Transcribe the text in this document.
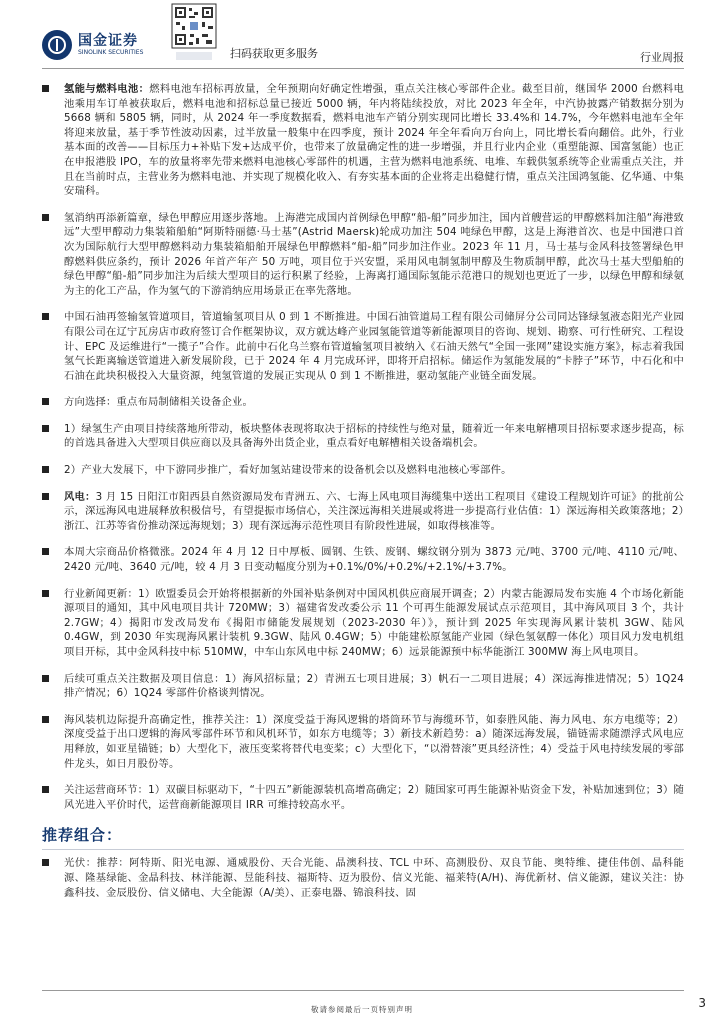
国金证券
SINOLINK SECURITIES	扫码获取更多服务	行业周报
氢能与燃料电池：燃料电池车招标再放量，全年预期向好确定性增强，重点关注核心零部件企业。截至目前，继国华 2000 台燃料电池乘用车订单被获取后，燃料电池和招标总量已接近 5000 辆，年内将陆续投放，对比 2023 年全年，中汽协披露产销数据分别为 5668 辆和 5805 辆，同时，从 2024 年一季度数据看，燃料电池车产销分别实现同比增长 33.4%和 14.7%，今年燃料电池车全年将迎来放量，基于季节性波动因素，过半放量一般集中在四季度，预计 2024 年全年看向万台向上，同比增长看向翻倍。此外，行业基本面的改善——目标压力+补贴下发+达成平价，也带来了放量确定性的进一步增强，并且行业内企业（重塑能源、国富氢能）也正在申报港股 IPO，车的放量将率先带来燃料电池核心零部件的机遇，主营为燃料电池系统、电堆、车载供氢系统等企业需重点关注，并且在当前时点，主营业务为燃料电池、并实现了规模化收入、有夯实基本面的企业将走出稳健行情，重点关注国鸿氢能、亿华通、中集安瑞科。
氢消纳再添新篇章，绿色甲醇应用逐步落地。上海港完成国内首例绿色甲醇“船-船”同步加注，国内首艘营运的甲醇燃料加注船“海港致远”大型甲醇动力集装箱船舶“阿斯特丽德·马士基”(Astrid Maersk)轮成功加注 504 吨绿色甲醇，这是上海港首次、也是中国港口首次为国际航行大型甲醇燃料动力集装箱船舶开展绿色甲醇燃料“船-船”同步加注作业。2023 年 11 月，马士基与金风科技签署绿色甲醇燃料供应条约，预计 2026 年首产年产 50 万吨，项目位于兴安盟，采用风电制氢制甲醇及生物质制甲醇，此次马士基大型船舶的绿色甲醇“船-船”同步加注为后续大型项目的运行积累了经验，上海离打通国际氢能示范港口的规划也更近了一步，以绿色甲醇和绿氨为主的化工产品，作为氢气的下游消纳应用场景正在率先落地。
中国石油再签输氢管道项目，管道输氢项目从 0 到 1 不断推进。中国石油管道局工程有限公司储屏分公司同达锋绿氢液态阳光产业园有限公司在辽宁瓦房店市政府签订合作框架协议，双方就达峰产业园氢能管道等新能源项目的咨询、规划、勘察、可行性研究、工程设计、EPC 及运维进行“一揽子”合作。此前中石化乌兰察布管道输氢项目被纳入《石油天然气“全国一张网”建设实施方案》，标志着我国氢气长距离输送管道进入新发展阶段，已于 2024 年 4 月完成环评，即将开启招标。储运作为氢能发展的“卡脖子”环节，中石化和中石油在此块积极投入大量资源，纯氢管道的发展正实现从 0 到 1 不断推进，驱动氢能产业链全面发展。
方向选择：重点布局制储相关设备企业。
1）绿氢生产由项目持续落地所带动，板块整体表现将取决于招标的持续性与绝对量，随着近一年来电解槽项目招标要求逐步提高，标的首选具备进入大型项目供应商以及具备海外出货企业，重点看好电解槽相关设备端机会。
2）产业大发展下，中下游同步推广，看好加氢站建设带来的设备机会以及燃料电池核心零部件。
风电：3 月 15 日阳江市阳西县自然资源局发布青洲五、六、七海上风电项目海缆集中送出工程项目《建设工程规划许可证》的批前公示，深远海风电进展释放积极信号，有望提振市场信心，关注深远海相关进展或将进一步提高行业估值：1）深远海相关政策落地；2）浙江、江苏等省份推动深远海规划；3）现有深远海示范性项目有阶段性进展，如取得核准等。
本周大宗商品价格微涨。2024 年 4 月 12 日中厚板、圆钢、生铁、废钢、螺纹钢分别为 3873 元/吨、3700 元/吨、4110 元/吨、2420 元/吨、3640 元/吨，较 4 月 3 日变动幅度分别为+0.1%/0%/+0.2%/+2.1%/+3.7%。
行业新闻更新：1）欧盟委员会开始将根据新的外国补贴条例对中国风机供应商展开调查；2）内蒙古能源局发布实施 4 个市场化新能源项目的通知，其中风电项目共计 720MW；3）福建省发改委公示 11 个可再生能源发展试点示范项目，其中海风项目 3 个，共计 2.7GW；4）揭阳市发改局发布《揭阳市储能发展规划（2023-2030 年）》，预计到 2025 年实现海风累计装机 3GW、陆风 0.4GW，到 2030 年实现海风累计装机 9.3GW、陆风 0.4GW；5）中能建松原氢能产业园（绿色氢氨醇一体化）项目风力发电机组项目开标，其中金风科技中标 510MW，中车山东风电中标 240MW；6）远景能源预中标华能浙江 300MW 海上风电项目。
后续可重点关注数据及项目信息：1）海风招标量；2）青洲五七项目进展；3）帆石一二项目进展；4）深远海推进情况；5）1Q24 排产情况；6）1Q24 零部件价格谈判情况。
海风装机边际提升高确定性，推荐关注：1）深度受益于海风逻辑的塔筒环节与海缆环节，如泰胜风能、海力风电、东方电缆等；2）深度受益于出口逻辑的海风零部件环节和风机环节，如东方电缆等；3）新技术新趋势：a）随深远海发展，锚链需求随漂浮式风电应用释放，如亚星锚链；b）大型化下，液压变桨将替代电变桨；c）大型化下，“以滑替滚”更具经济性；4）受益于风电持续发展的零部件龙头，如日月股份等。
关注运营商环节：1）双碳目标驱动下，“十四五”新能源装机高增高确定；2）随国家可再生能源补贴资金下发，补贴加速到位；3）随风光进入平价时代，运营商新能源项目 IRR 可维持较高水平。
推荐组合：
光伏：推荐：阿特斯、阳光电源、通威股份、天合光能、晶澳科技、TCL 中环、高测股份、双良节能、奥特维、捷佳伟创、晶科能源、隆基绿能、金晶科技、林洋能源、昱能科技、福斯特、迈为股份、信义光能、福莱特(A/H)、海优新材、信义能源，建议关注：协鑫科技、金辰股份、信义储电、大全能源（A/美）、正泰电器、锦浪科技、固
敬请参阅最后一页特别声明	3
